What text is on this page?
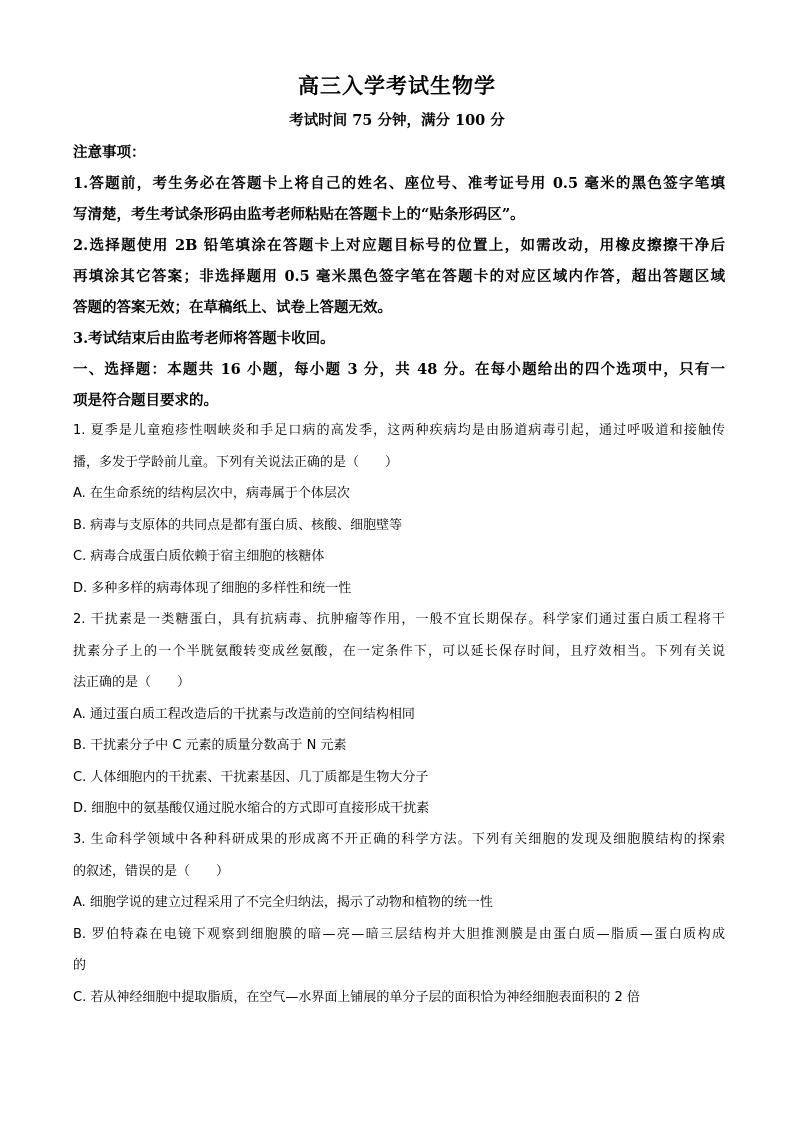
高三入学考试生物学
考试时间 75 分钟，满分 100 分
注意事项：
1.答题前，考生务必在答题卡上将自己的姓名、座位号、准考证号用 0.5 毫米的黑色签字笔填
写清楚，考生考试条形码由监考老师粘贴在答题卡上的“贴条形码区”。
2.选择题使用 2B 铅笔填涂在答题卡上对应题目标号的位置上，如需改动，用橡皮擦擦干净后
再填涂其它答案；非选择题用 0.5 毫米黑色签字笔在答题卡的对应区域内作答，超出答题区域
答题的答案无效；在草稿纸上、试卷上答题无效。
3.考试结束后由监考老师将答题卡收回。
一、选择题：本题共 16 小题，每小题 3 分，共 48 分。在每小题给出的四个选项中，只有一
项是符合题目要求的。
1. 夏季是儿童疱疹性咽峡炎和手足口病的高发季，这两种疾病均是由肠道病毒引起，通过呼吸道和接触传
播，多发于学龄前儿童。下列有关说法正确的是（　　）
A. 在生命系统的结构层次中，病毒属于个体层次
B. 病毒与支原体的共同点是都有蛋白质、核酸、细胞壁等
C. 病毒合成蛋白质依赖于宿主细胞的核糖体
D. 多种多样的病毒体现了细胞的多样性和统一性
2. 干扰素是一类糖蛋白，具有抗病毒、抗肿瘤等作用，一般不宜长期保存。科学家们通过蛋白质工程将干
扰素分子上的一个半胱氨酸转变成丝氨酸，在一定条件下，可以延长保存时间，且疗效相当。下列有关说
法正确的是（　　）
A. 通过蛋白质工程改造后的干扰素与改造前的空间结构相同
B. 干扰素分子中 C 元素的质量分数高于 N 元素
C. 人体细胞内的干扰素、干扰素基因、几丁质都是生物大分子
D. 细胞中的氨基酸仅通过脱水缩合的方式即可直接形成干扰素
3. 生命科学领域中各种科研成果的形成离不开正确的科学方法。下列有关细胞的发现及细胞膜结构的探索
的叙述，错误的是（　　）
A. 细胞学说的建立过程采用了不完全归纳法，揭示了动物和植物的统一性
B. 罗伯特森在电镜下观察到细胞膜的暗—亮—暗三层结构并大胆推测膜是由蛋白质—脂质—蛋白质构成
的
C. 若从神经细胞中提取脂质，在空气—水界面上铺展的单分子层的面积恰为神经细胞表面积的 2 倍
